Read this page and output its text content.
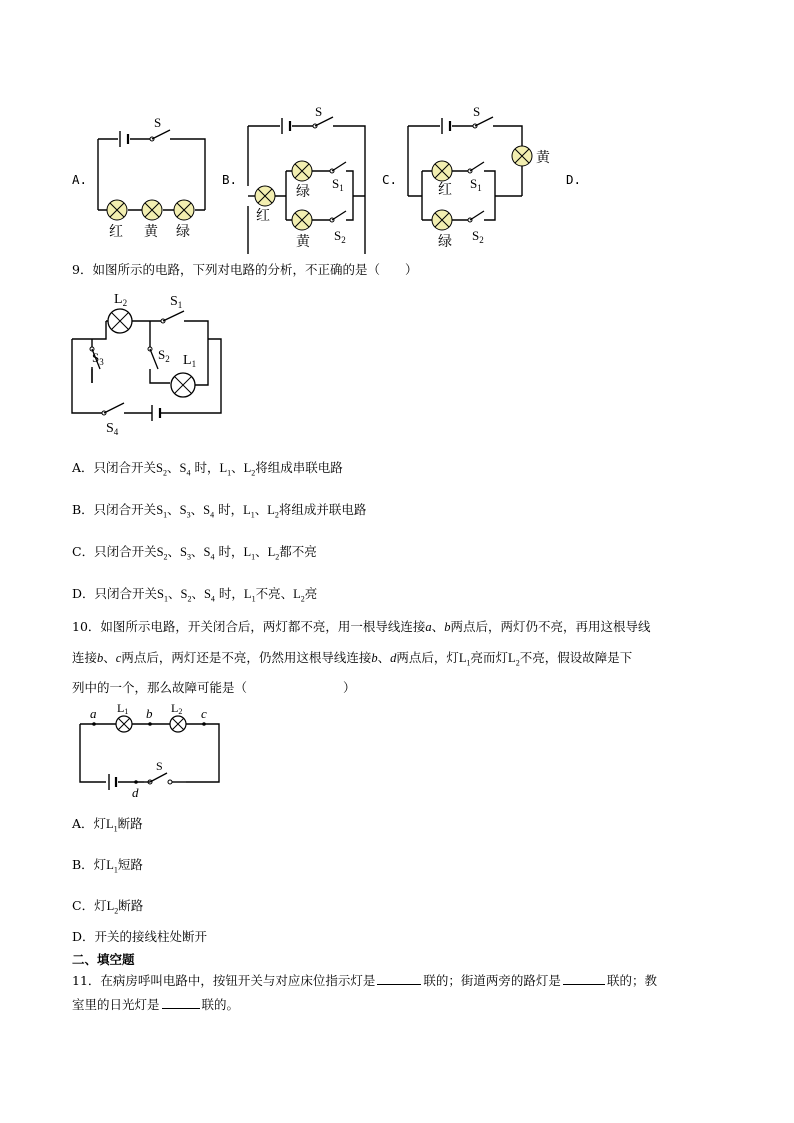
A.	B.	C.	D.
S
红 黄 绿
S
红
绿
黄
$S_1$
$S_2$
S
黄
红
绿
$S_1$
$S_2$
9．如图所示的电路，下列对电路的分析，不正确的是（　　）
$L_2$	$S_1$
$S_3$	$S_2$ $L_1$
$S_4$
A．只闭合开关$S_2$、$S_4$ 时，$L_1$、$L_2$将组成串联电路
B．只闭合开关$S_1$、$S_3$、$S_4$ 时，$L_1$、$L_2$将组成并联电路
C．只闭合开关$S_2$、$S_3$、$S_4$ 时，$L_1$、$L_2$都不亮
D．只闭合开关$S_1$、$S_2$、$S_4$ 时，$L_1$不亮、$L_2$亮
10．如图所示电路，开关闭合后，两灯都不亮，用一根导线连接a、b两点后，两灯仍不亮，再用这根导线
连接b、c两点后，两灯还是不亮，仍然用这根导线连接b、d两点后，灯$L_1$亮而灯$L_2$不亮，假设故障是下
列中的一个，那么故障可能是（	）
a	b	c
L1	L2
S
d
A．灯$L_1$断路
B．灯$L_1$短路
C．灯$L_2$断路
D．开关的接线柱处断开
二、填空题
11．在病房呼叫电路中，按钮开关与对应床位指示灯是	联的；街道两旁的路灯是	联的；教
室里的日光灯是	联的。
